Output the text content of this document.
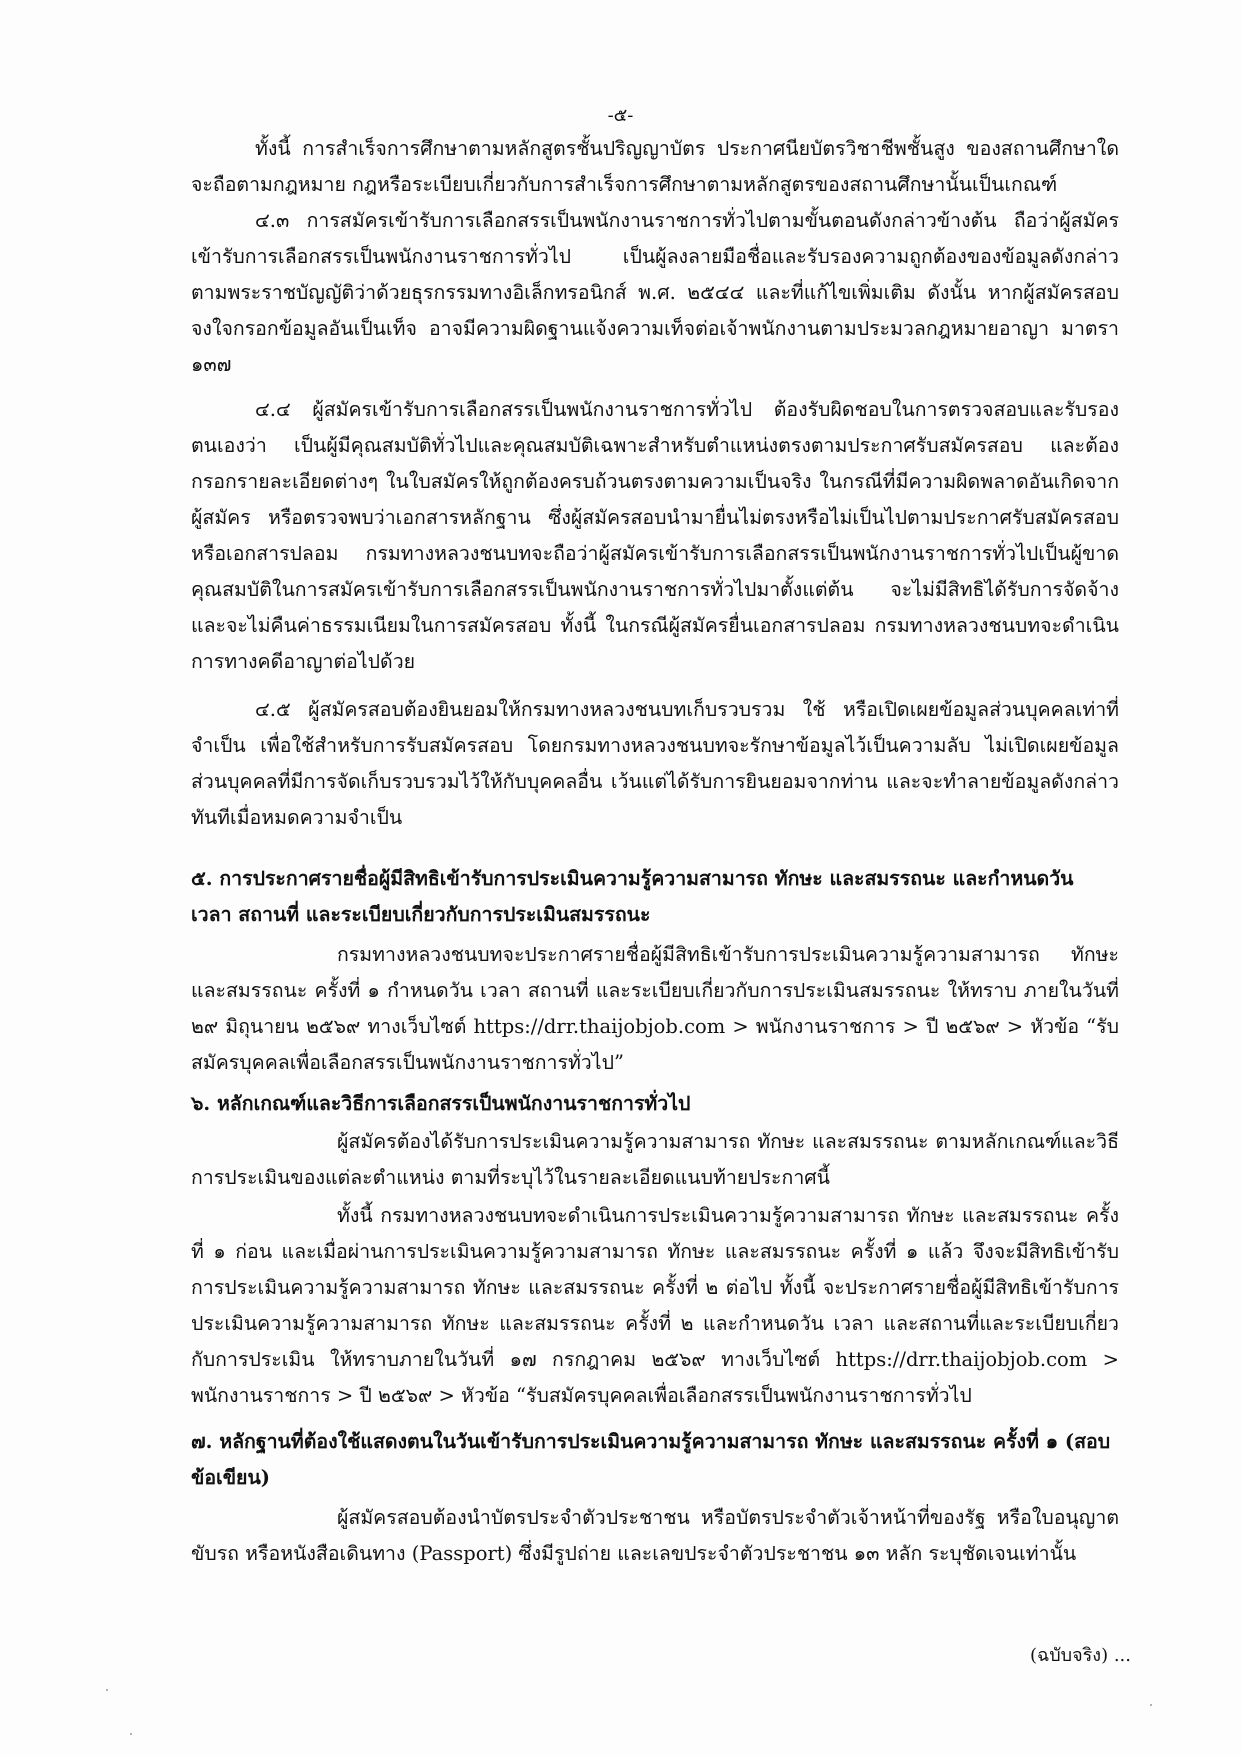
-๕-

ทั้งนี้ การสำเร็จการศึกษาตามหลักสูตรชั้นปริญญาบัตร ประกาศนียบัตรวิชาชีพชั้นสูง ของสถานศึกษาใด จะถือตามกฎหมาย กฎหรือระเบียบเกี่ยวกับการสำเร็จการศึกษาตามหลักสูตรของสถานศึกษานั้นเป็นเกณฑ์

๔.๓ การสมัครเข้ารับการเลือกสรรเป็นพนักงานราชการทั่วไปตามขั้นตอนดังกล่าวข้างต้น ถือว่าผู้สมัครเข้ารับการเลือกสรรเป็นพนักงานราชการทั่วไป เป็นผู้ลงลายมือชื่อและรับรองความถูกต้องของข้อมูลดังกล่าว ตามพระราชบัญญัติว่าด้วยธุรกรรมทางอิเล็กทรอนิกส์ พ.ศ. ๒๕๔๔ และที่แก้ไขเพิ่มเติม ดังนั้น หากผู้สมัครสอบจงใจกรอกข้อมูลอันเป็นเท็จ อาจมีความผิดฐานแจ้งความเท็จต่อเจ้าพนักงานตามประมวลกฎหมายอาญา มาตรา ๑๓๗

๔.๔ ผู้สมัครเข้ารับการเลือกสรรเป็นพนักงานราชการทั่วไป ต้องรับผิดชอบในการตรวจสอบและรับรองตนเองว่า เป็นผู้มีคุณสมบัติทั่วไปและคุณสมบัติเฉพาะสำหรับตำแหน่งตรงตามประกาศรับสมัครสอบ และต้องกรอกรายละเอียดต่างๆ ในใบสมัครให้ถูกต้องครบถ้วนตรงตามความเป็นจริง ในกรณีที่มีความผิดพลาดอันเกิดจากผู้สมัคร หรือตรวจพบว่าเอกสารหลักฐาน ซึ่งผู้สมัครสอบนำมายื่นไม่ตรงหรือไม่เป็นไปตามประกาศรับสมัครสอบ หรือเอกสารปลอม กรมทางหลวงชนบทจะถือว่าผู้สมัครเข้ารับการเลือกสรรเป็นพนักงานราชการทั่วไปเป็นผู้ขาดคุณสมบัติในการสมัครเข้ารับการเลือกสรรเป็นพนักงานราชการทั่วไปมาตั้งแต่ต้น จะไม่มีสิทธิได้รับการจัดจ้าง และจะไม่คืนค่าธรรมเนียมในการสมัครสอบ ทั้งนี้ ในกรณีผู้สมัครยื่นเอกสารปลอม กรมทางหลวงชนบทจะดำเนินการทางคดีอาญาต่อไปด้วย

๔.๕ ผู้สมัครสอบต้องยินยอมให้กรมทางหลวงชนบทเก็บรวบรวม ใช้ หรือเปิดเผยข้อมูลส่วนบุคคลเท่าที่จำเป็น เพื่อใช้สำหรับการรับสมัครสอบ โดยกรมทางหลวงชนบทจะรักษาข้อมูลไว้เป็นความลับ ไม่เปิดเผยข้อมูลส่วนบุคคลที่มีการจัดเก็บรวบรวมไว้ให้กับบุคคลอื่น เว้นแต่ได้รับการยินยอมจากท่าน และจะทำลายข้อมูลดังกล่าวทันทีเมื่อหมดความจำเป็น

๕. การประกาศรายชื่อผู้มีสิทธิเข้ารับการประเมินความรู้ความสามารถ ทักษะ และสมรรถนะ และกำหนดวัน เวลา สถานที่ และระเบียบเกี่ยวกับการประเมินสมรรถนะ

กรมทางหลวงชนบทจะประกาศรายชื่อผู้มีสิทธิเข้ารับการประเมินความรู้ความสามารถ ทักษะ และสมรรถนะ ครั้งที่ ๑ กำหนดวัน เวลา สถานที่ และระเบียบเกี่ยวกับการประเมินสมรรถนะ ให้ทราบ ภายในวันที่ ๒๙ มิถุนายน ๒๕๖๙ ทางเว็บไซต์ https://drr.thaijobjob.com > พนักงานราชการ > ปี ๒๕๖๙ > หัวข้อ “รับสมัครบุคคลเพื่อเลือกสรรเป็นพนักงานราชการทั่วไป”

๖. หลักเกณฑ์และวิธีการเลือกสรรเป็นพนักงานราชการทั่วไป

ผู้สมัครต้องได้รับการประเมินความรู้ความสามารถ ทักษะ และสมรรถนะ ตามหลักเกณฑ์และวิธีการประเมินของแต่ละตำแหน่ง ตามที่ระบุไว้ในรายละเอียดแนบท้ายประกาศนี้

ทั้งนี้ กรมทางหลวงชนบทจะดำเนินการประเมินความรู้ความสามารถ ทักษะ และสมรรถนะ ครั้งที่ ๑ ก่อน และเมื่อผ่านการประเมินความรู้ความสามารถ ทักษะ และสมรรถนะ ครั้งที่ ๑ แล้ว จึงจะมีสิทธิเข้ารับการประเมินความรู้ความสามารถ ทักษะ และสมรรถนะ ครั้งที่ ๒ ต่อไป ทั้งนี้ จะประกาศรายชื่อผู้มีสิทธิเข้ารับการประเมินความรู้ความสามารถ ทักษะ และสมรรถนะ ครั้งที่ ๒ และกำหนดวัน เวลา และสถานที่และระเบียบเกี่ยวกับการประเมิน ให้ทราบภายในวันที่ ๑๗ กรกฎาคม ๒๕๖๙ ทางเว็บไซต์ https://drr.thaijobjob.com > พนักงานราชการ > ปี ๒๕๖๙ > หัวข้อ “รับสมัครบุคคลเพื่อเลือกสรรเป็นพนักงานราชการทั่วไป

๗. หลักฐานที่ต้องใช้แสดงตนในวันเข้ารับการประเมินความรู้ความสามารถ ทักษะ และสมรรถนะ ครั้งที่ ๑ (สอบข้อเขียน)

ผู้สมัครสอบต้องนำบัตรประจำตัวประชาชน หรือบัตรประจำตัวเจ้าหน้าที่ของรัฐ หรือใบอนุญาตขับรถ หรือหนังสือเดินทาง (Passport) ซึ่งมีรูปถ่าย และเลขประจำตัวประชาชน ๑๓ หลัก ระบุชัดเจนเท่านั้น

(ฉบับจริง) ...
